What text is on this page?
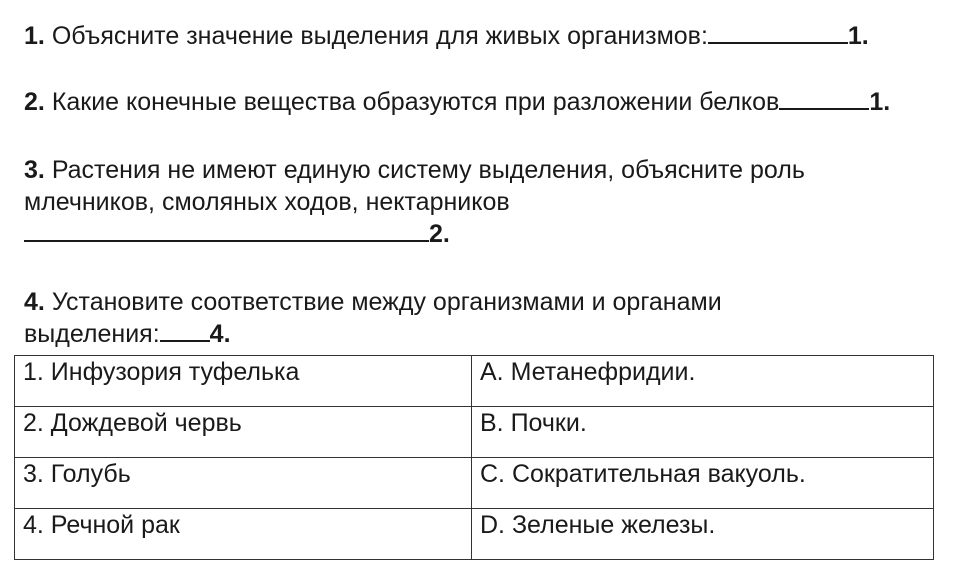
1. Объясните значение выделения для живых организмов:	1.
2. Какие конечные вещества образуются при разложении белков	1.
3. Растения не имеют единую систему выделения, объясните роль
млечников, смоляных ходов, нектарников
2.
4. Установите соответствие между организмами и органами
выделения: 4.
1. Инфузория туфелька	A. Метанефридии.
2. Дождевой червь	B. Почки.
3. Голубь	C. Сократительная вакуоль.
4. Речной рак	D. Зеленые железы.
